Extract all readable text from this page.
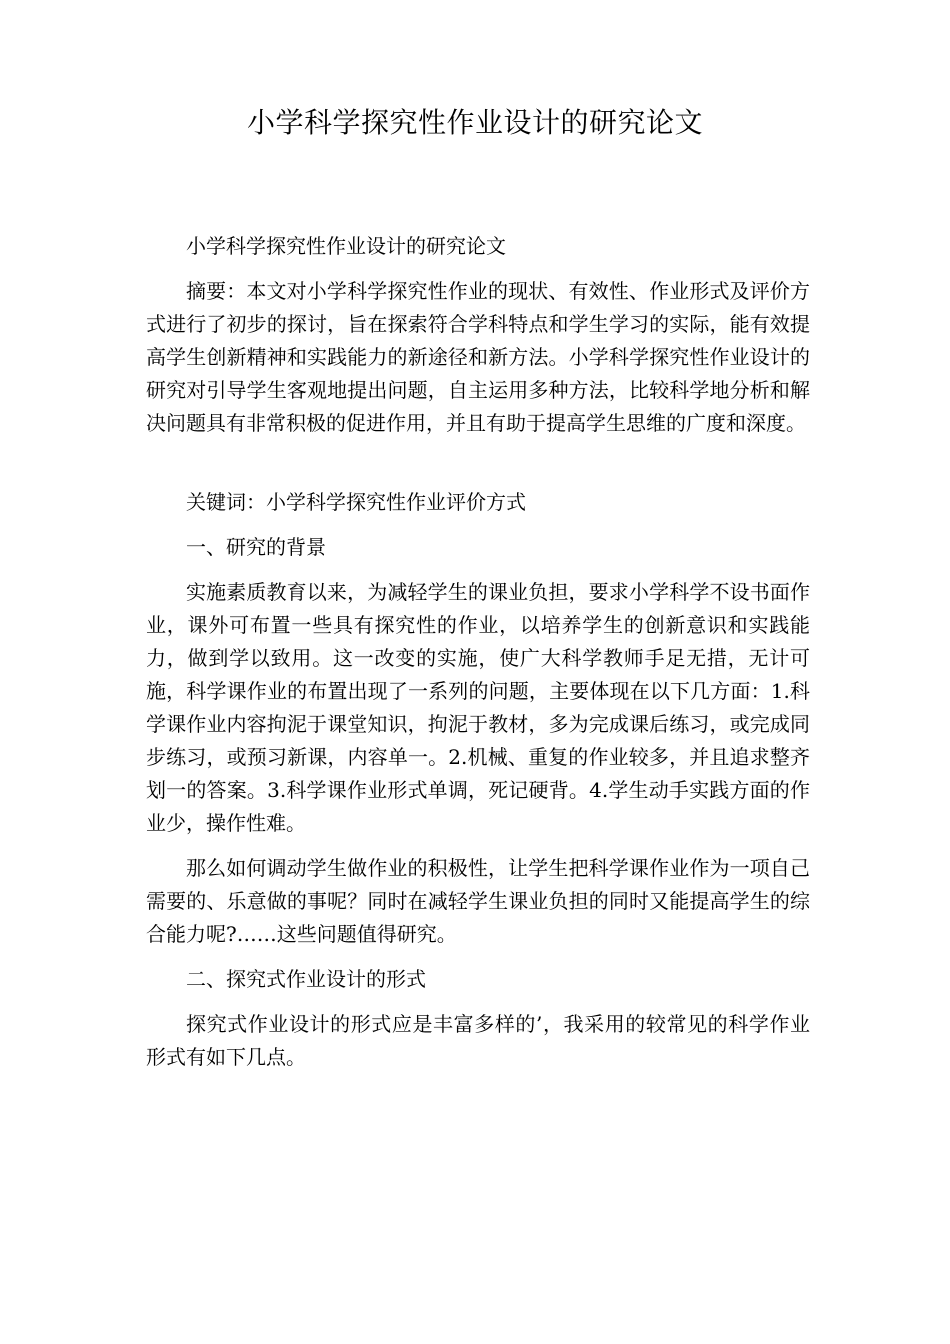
小学科学探究性作业设计的研究论文

小学科学探究性作业设计的研究论文

摘要：本文对小学科学探究性作业的现状、有效性、作业形式及评价方式进行了初步的探讨，旨在探索符合学科特点和学生学习的实际，能有效提高学生创新精神和实践能力的新途径和新方法。小学科学探究性作业设计的研究对引导学生客观地提出问题，自主运用多种方法，比较科学地分析和解决问题具有非常积极的促进作用，并且有助于提高学生思维的广度和深度。

关键词：小学科学探究性作业评价方式

一、研究的背景

实施素质教育以来，为减轻学生的课业负担，要求小学科学不设书面作业，课外可布置一些具有探究性的作业，以培养学生的创新意识和实践能力，做到学以致用。这一改变的实施，使广大科学教师手足无措，无计可施，科学课作业的布置出现了一系列的问题，主要体现在以下几方面：1.科学课作业内容拘泥于课堂知识，拘泥于教材，多为完成课后练习，或完成同步练习，或预习新课，内容单一。2.机械、重复的作业较多，并且追求整齐划一的答案。3.科学课作业形式单调，死记硬背。4.学生动手实践方面的作业少，操作性难。

那么如何调动学生做作业的积极性，让学生把科学课作业作为一项自己需要的、乐意做的事呢？同时在减轻学生课业负担的同时又能提高学生的综合能力呢?……这些问题值得研究。

二、探究式作业设计的形式

探究式作业设计的形式应是丰富多样的’，我采用的较常见的科学作业形式有如下几点。
